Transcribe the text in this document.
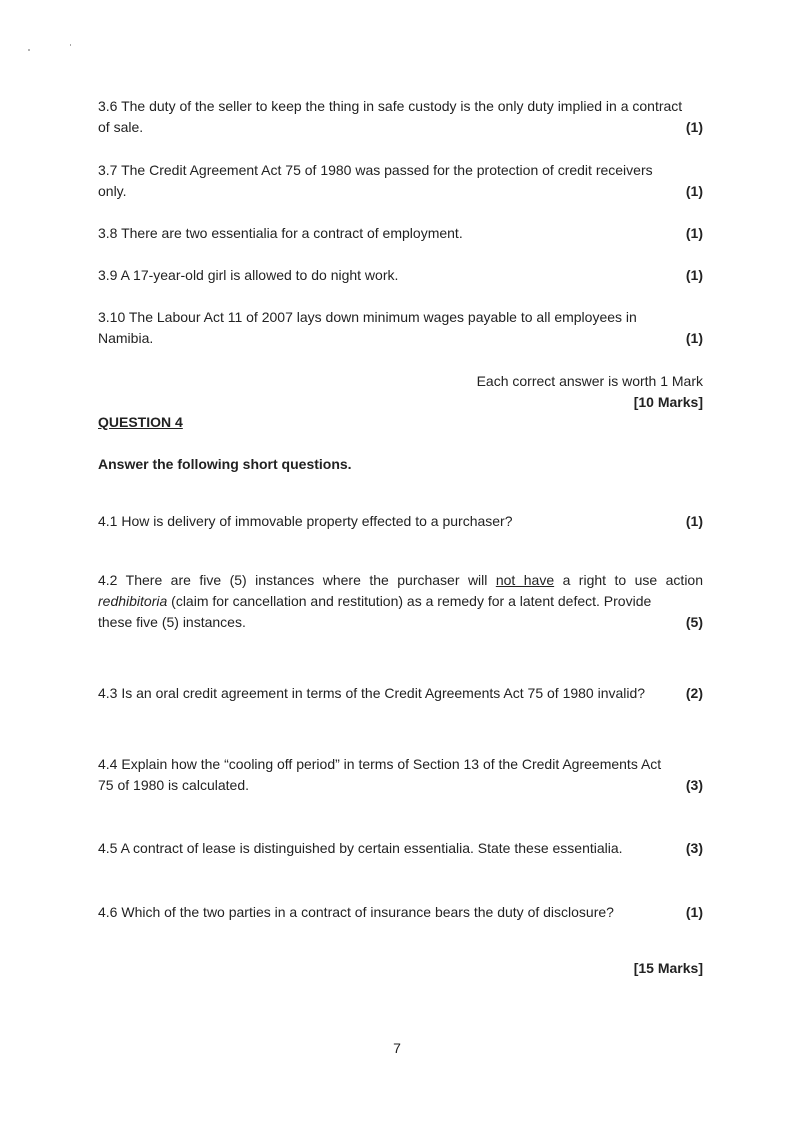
3.6 The duty of the seller to keep the thing in safe custody is the only duty implied in a contract
of sale.	(1)
3.7 The Credit Agreement Act 75 of 1980 was passed for the protection of credit receivers
only.	(1)
3.8 There are two essentialia for a contract of employment.	(1)
3.9 A 17-year-old girl is allowed to do night work.	(1)
3.10 The Labour Act 11 of 2007 lays down minimum wages payable to all employees in
Namibia.	(1)
Each correct answer is worth 1 Mark
[10 Marks]
QUESTION 4
Answer the following short questions.
4.1 How is delivery of immovable property effected to a purchaser?	(1)
4.2 There are five (5) instances where the purchaser will not have a right to use action redhibitoria (claim for cancellation and restitution) as a remedy for a latent defect. Provide
these five (5) instances.	(5)
4.3 Is an oral credit agreement in terms of the Credit Agreements Act 75 of 1980 invalid?	(2)
4.4 Explain how the “cooling off period” in terms of Section 13 of the Credit Agreements Act
75 of 1980 is calculated.	(3)
4.5 A contract of lease is distinguished by certain essentialia. State these essentialia.	(3)
4.6 Which of the two parties in a contract of insurance bears the duty of disclosure?	(1)
[15 Marks]
7
